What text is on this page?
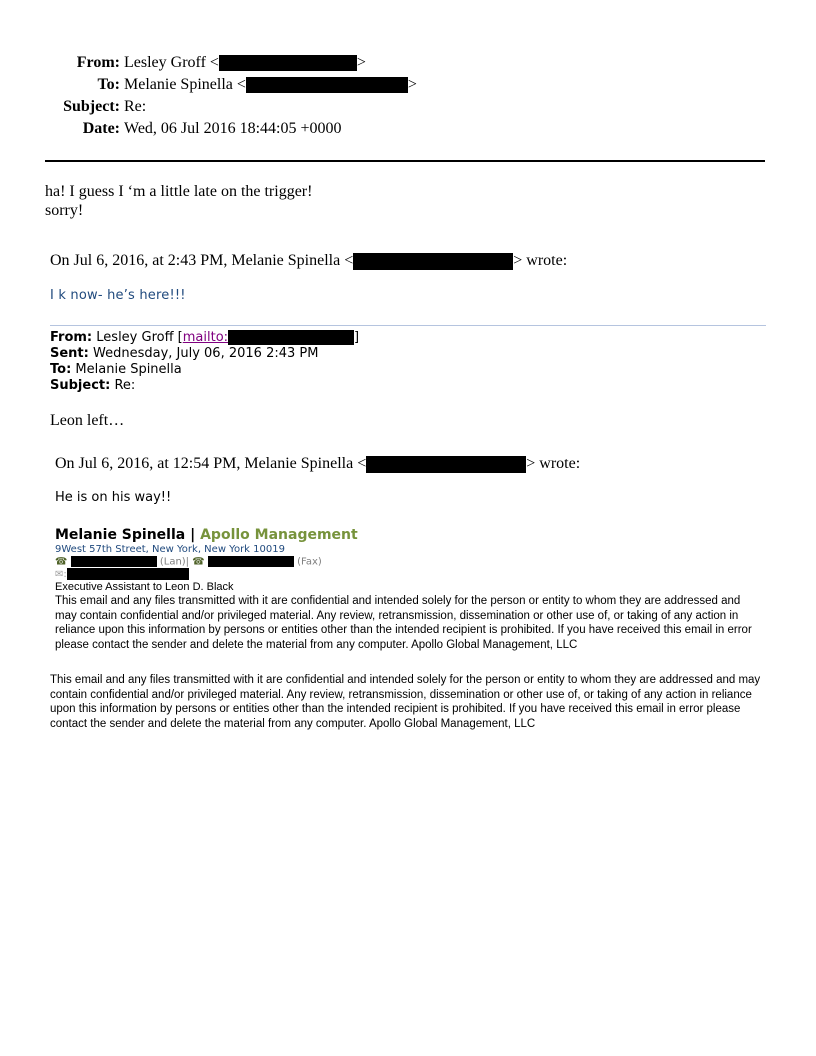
From: Lesley Groff <	>
To: Melanie Spinella <	>
Subject: Re:
Date: Wed, 06 Jul 2016 18:44:05 +0000
ha! I guess I ‘m a little late on the trigger!
sorry!
On Jul 6, 2016, at 2:43 PM, Melanie Spinella <	> wrote:
I k now- he’s here!!!
From: Lesley Groff [mailto:	]
Sent: Wednesday, July 06, 2016 2:43 PM
To: Melanie Spinella
Subject: Re:
Leon left…
On Jul 6, 2016, at 12:54 PM, Melanie Spinella <	> wrote:
He is on his way!!
Melanie Spinella | Apollo Management
9West 57th Street, New York, New York 10019
☎	(Lan)| ☎	(Fax)
✉:
Executive Assistant to Leon D. Black
This email and any files transmitted with it are confidential and intended solely for the person or entity to whom they are addressed and may contain confidential and/or privileged material. Any review, retransmission, dissemination or other use of, or taking of any action in reliance upon this information by persons or entities other than the intended recipient is prohibited. If you have received this email in error please contact the sender and delete the material from any computer. Apollo Global Management, LLC
This email and any files transmitted with it are confidential and intended solely for the person or entity to whom they are addressed and may contain confidential and/or privileged material. Any review, retransmission, dissemination or other use of, or taking of any action in reliance upon this information by persons or entities other than the intended recipient is prohibited. If you have received this email in error please contact the sender and delete the material from any computer. Apollo Global Management, LLC
